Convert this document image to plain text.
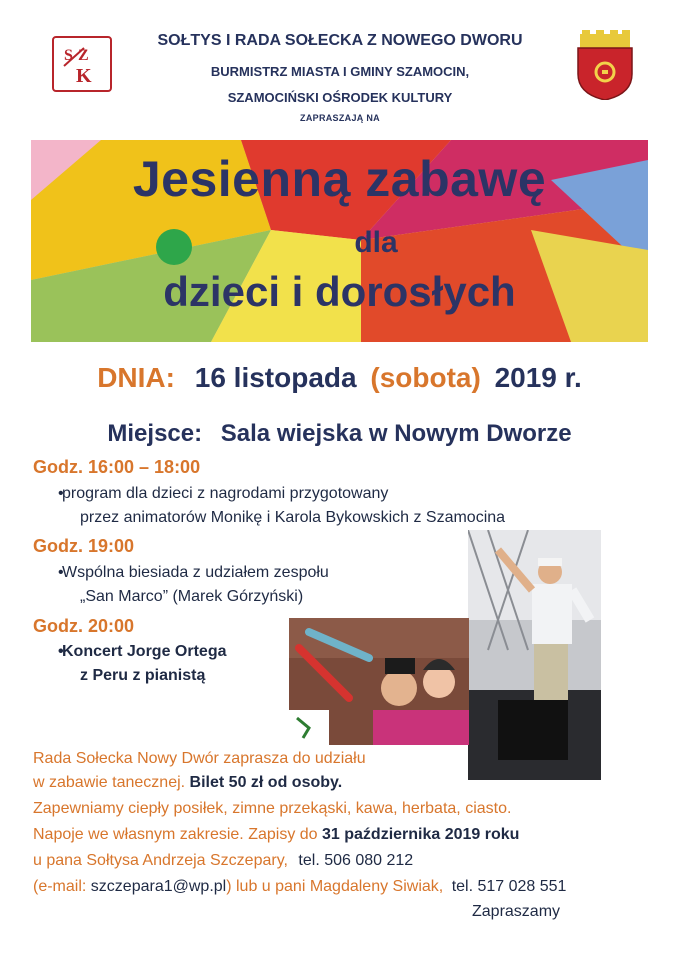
S Z
K
SOŁTYS I RADA SOŁECKA Z NOWEGO DWORU
BURMISTRZ MIASTA I GMINY SZAMOCIN,
SZAMOCIŃSKI OŚRODEK KULTURY
ZAPRASZAJĄ NA
Jesienną zabawę
dla
dzieci i dorosłych
DNIA: 16 listopada (sobota) 2019 r.
Miejsce: Sala wiejska w Nowym Dworze
Godz. 16:00 – 18:00
• program dla dzieci z nagrodami przygotowany
przez animatorów Monikę i Karola Bykowskich z Szamocina
Godz. 19:00
• Wspólna biesiada z udziałem zespołu
„San Marco” (Marek Górzyński)
Godz. 20:00
• Koncert Jorge Ortega
z Peru z pianistą
Rada Sołecka Nowy Dwór zaprasza do udziału
w zabawie tanecznej. Bilet 50 zł od osoby.
Zapewniamy ciepły posiłek, zimne przekąski, kawa, herbata, ciasto.
Napoje we własnym zakresie. Zapisy do 31 października 2019 roku
u pana Sołtysa Andrzeja Szczepary, tel. 506 080 212
(e-mail: szczepara1@wp.pl) lub u pani Magdaleny Siwiak, tel. 517 028 551
Zapraszamy
